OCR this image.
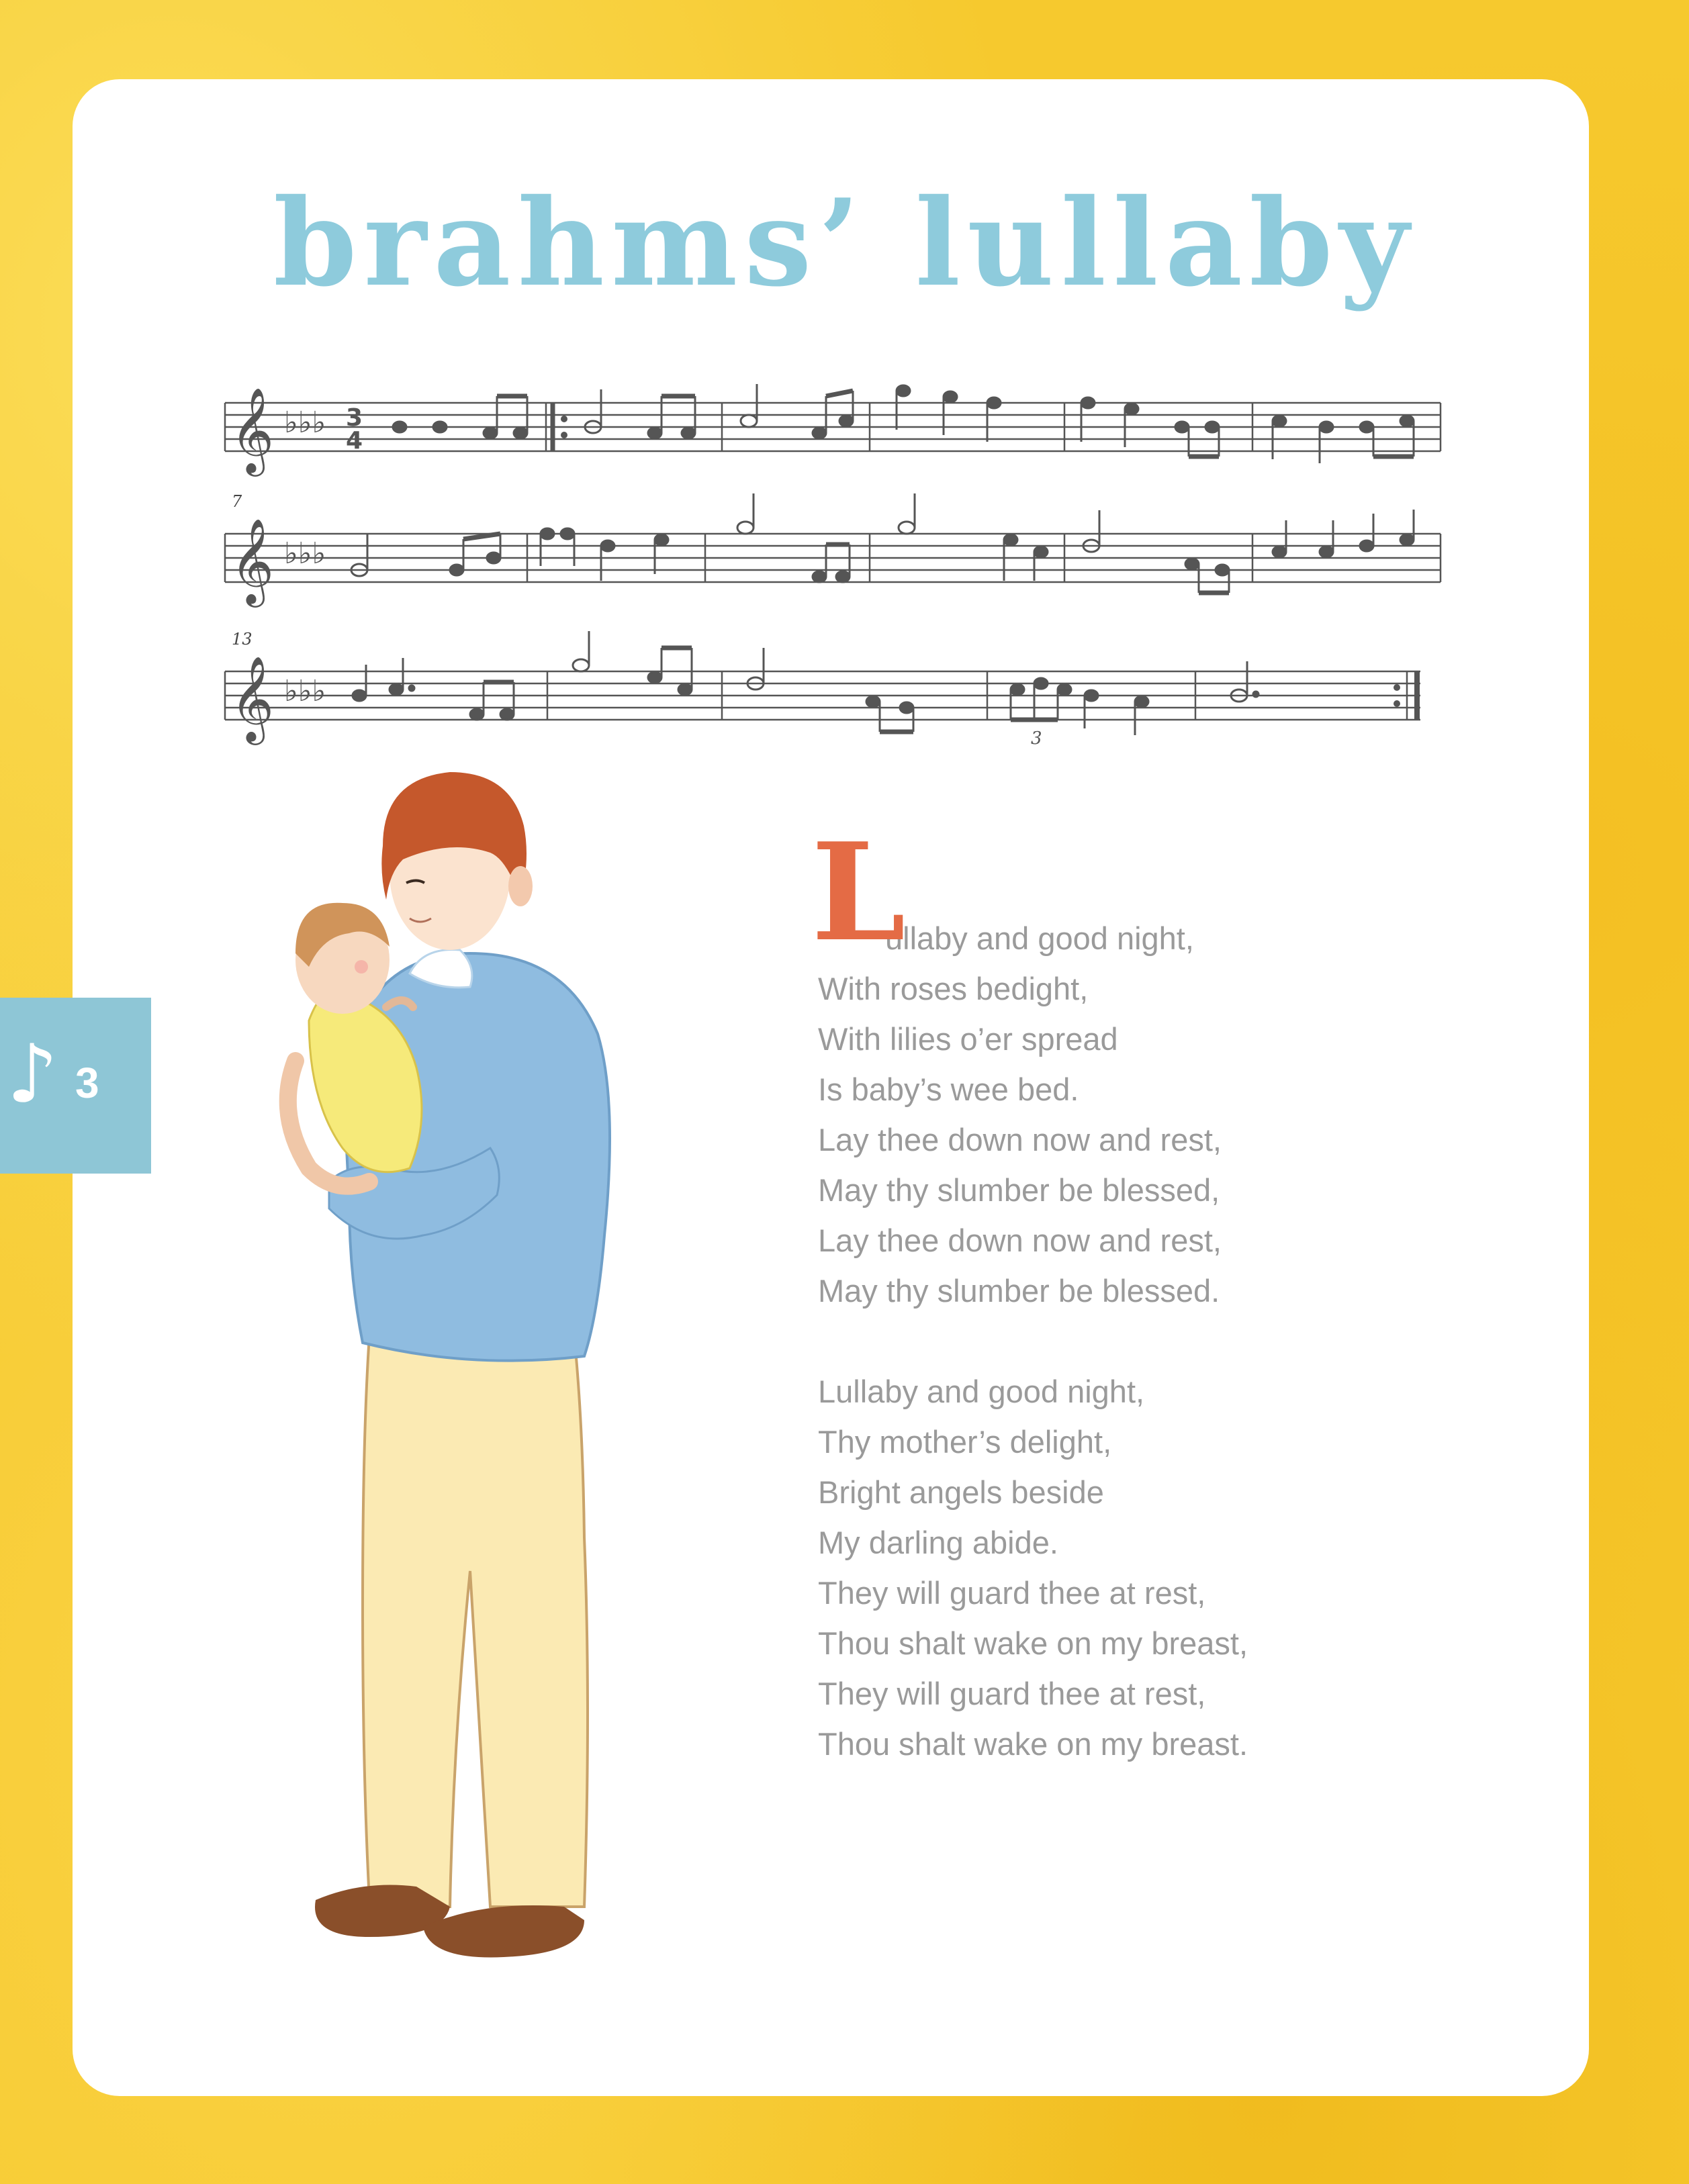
brahms’ lullaby
𝄞 ♭♭♭ 3
4
7
𝄞 ♭♭♭
13
𝄞 ♭♭♭
3
♪ 3
L
ullaby and good night,
With roses bedight,
With lilies o’er spread
Is baby’s wee bed.
Lay thee down now and rest,
May thy slumber be blessed,
Lay thee down now and rest,
May thy slumber be blessed.
Lullaby and good night,
Thy mother’s delight,
Bright angels beside
My darling abide.
They will guard thee at rest,
Thou shalt wake on my breast,
They will guard thee at rest,
Thou shalt wake on my breast.
